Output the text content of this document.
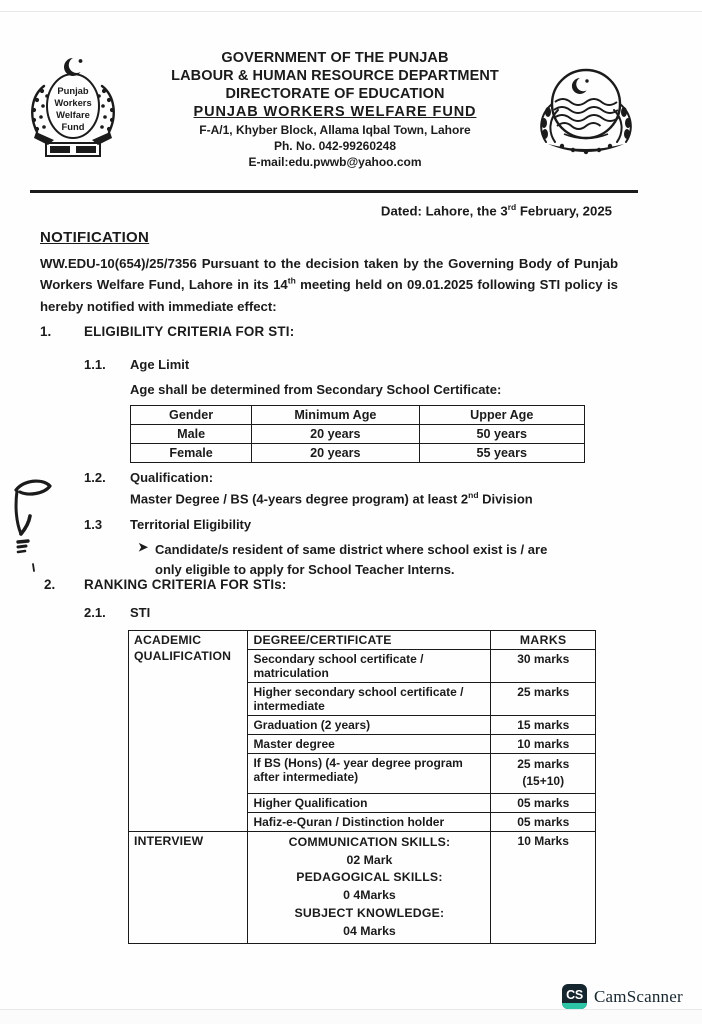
Punjab
Workers
Welfare
Fund
GOVERNMENT OF THE PUNJAB
LABOUR & HUMAN RESOURCE DEPARTMENT
DIRECTORATE OF EDUCATION
PUNJAB WORKERS WELFARE FUND
F-A/1, Khyber Block, Allama Iqbal Town, Lahore
Ph. No. 042-99260248
E-mail:edu.pwwb@yahoo.com
Dated: Lahore, the 3rd February, 2025
NOTIFICATION
WW.EDU-10(654)/25/7356 Pursuant to the decision taken by the Governing Body of Punjab Workers Welfare Fund, Lahore in its 14th meeting held on 09.01.2025 following STI policy is hereby notified with immediate effect:
1. ELIGIBILITY CRITERIA FOR STI:
1.1. Age Limit
Age shall be determined from Secondary School Certificate:
Gender	Minimum Age	Upper Age
Male	20 years	50 years
Female	20 years	55 years
1.2. Qualification:
Master Degree / BS (4-years degree program) at least 2nd Division
1.3 Territorial Eligibility
➤ Candidate/s resident of same district where school exist is / are only eligible to apply for School Teacher Interns.
2. RANKING CRITERIA FOR STIs:
2.1. STI
ACADEMIC QUALIFICATION	DEGREE/CERTIFICATE	MARKS
	Secondary school certificate / matriculation	30 marks
	Higher secondary school certificate / intermediate	25 marks
	Graduation (2 years)	15 marks
	Master degree	10 marks
	If BS (Hons) (4- year degree program after intermediate)	25 marks
(15+10)

	Higher Qualification	05 marks
	Hafiz-e-Quran / Distinction holder	05 marks

INTERVIEW	COMMUNICATION SKILLS:
02 Mark
PEDAGOGICAL SKILLS:
0 4Marks
SUBJECT KNOWLEDGE:
04 Marks
	10 Marks
CS CamScanner
